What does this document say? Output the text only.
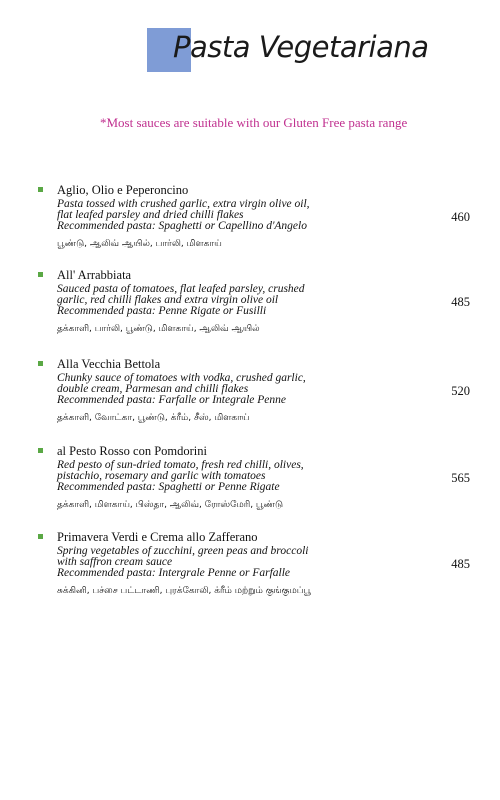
Pasta Vegetariana
*Most sauces are suitable with our Gluten Free pasta range
Aglio, Olio e Peperoncino
Pasta tossed with crushed garlic, extra virgin olive oil,
flat leafed parsley and dried chilli flakes
Recommended pasta: Spaghetti or Capellino d'Angelo
பூண்டு, ஆலிவ் ஆயில், பார்லி, மிளகாய்
460
All' Arrabbiata
Sauced pasta of tomatoes, flat leafed parsley, crushed
garlic, red chilli flakes and extra virgin olive oil
Recommended pasta: Penne Rigate or Fusilli
தக்காளி, பார்லி, பூண்டு, மிளகாய், ஆலிவ் ஆயில்
485
Alla Vecchia Bettola
Chunky sauce of tomatoes with vodka, crushed garlic,
double cream, Parmesan and chilli flakes
Recommended pasta: Farfalle or Integrale Penne
தக்காளி, வோட்கா, பூண்டு, க்ரீம், சீஸ், மிளகாய்
520
al Pesto Rosso con Pomdorini
Red pesto of sun-dried tomato, fresh red chilli, olives,
pistachio, rosemary and garlic with tomatoes
Recommended pasta: Spaghetti or Penne Rigate
தக்காளி, மிளகாய், பிஸ்தா, ஆலிவ், ரோஸ்மேரி, பூண்டு
565
Primavera Verdi e Crema allo Zafferano
Spring vegetables of zucchini, green peas and broccoli
with saffron cream sauce
Recommended pasta: Intergrale Penne or Farfalle
சுக்கினி, பச்சை பட்டாணி, புரக்கோலி, க்ரீம் மற்றும் குங்குமப்பூ
485
